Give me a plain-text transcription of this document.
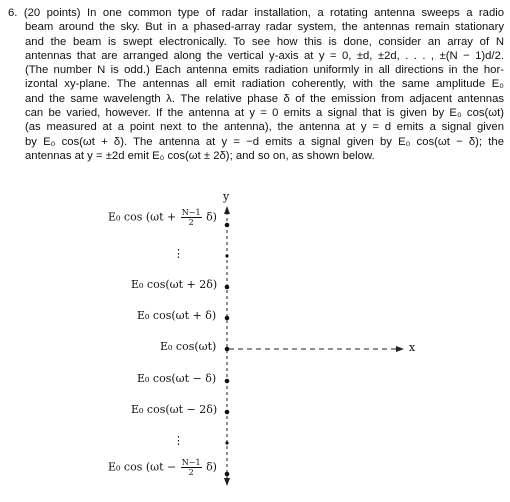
6. (20 points) In one common type of radar installation, a rotating antenna sweeps a radio
beam around the sky. But in a phased-array radar system, the antennas remain stationary
and the beam is swept electronically. To see how this is done, consider an array of N
antennas that are arranged along the vertical y-axis at y = 0, ±d, ±2d, . . . , ±(N − 1)d/2.
(The number N is odd.) Each antenna emits radiation uniformly in all directions in the hor-
izontal xy-plane. The antennas all emit radiation coherently, with the same amplitude E₀
and the same wavelength λ. The relative phase δ of the emission from adjacent antennas
can be varied, however. If the antenna at y = 0 emits a signal that is given by E₀ cos(ωt)
(as measured at a point next to the antenna), the antenna at y = d emits a signal given
by E₀ cos(ωt + δ). The antenna at y = −d emits a signal given by E₀ cos(ωt − δ); the
antennas at y = ±2d emit E₀ cos(ωt ± 2δ); and so on, as shown below.
y
x
E₀ $\cos (\omega t + \frac{N-1}{2} \delta)$
⋮
E₀ cos(ωt + 2δ)
E₀ cos(ωt + δ)
E₀ cos(ωt)
E₀ cos(ωt − δ)
E₀ cos(ωt − 2δ)
⋮
E₀ $\cos (\omega t - \frac{N-1}{2} \delta)$
